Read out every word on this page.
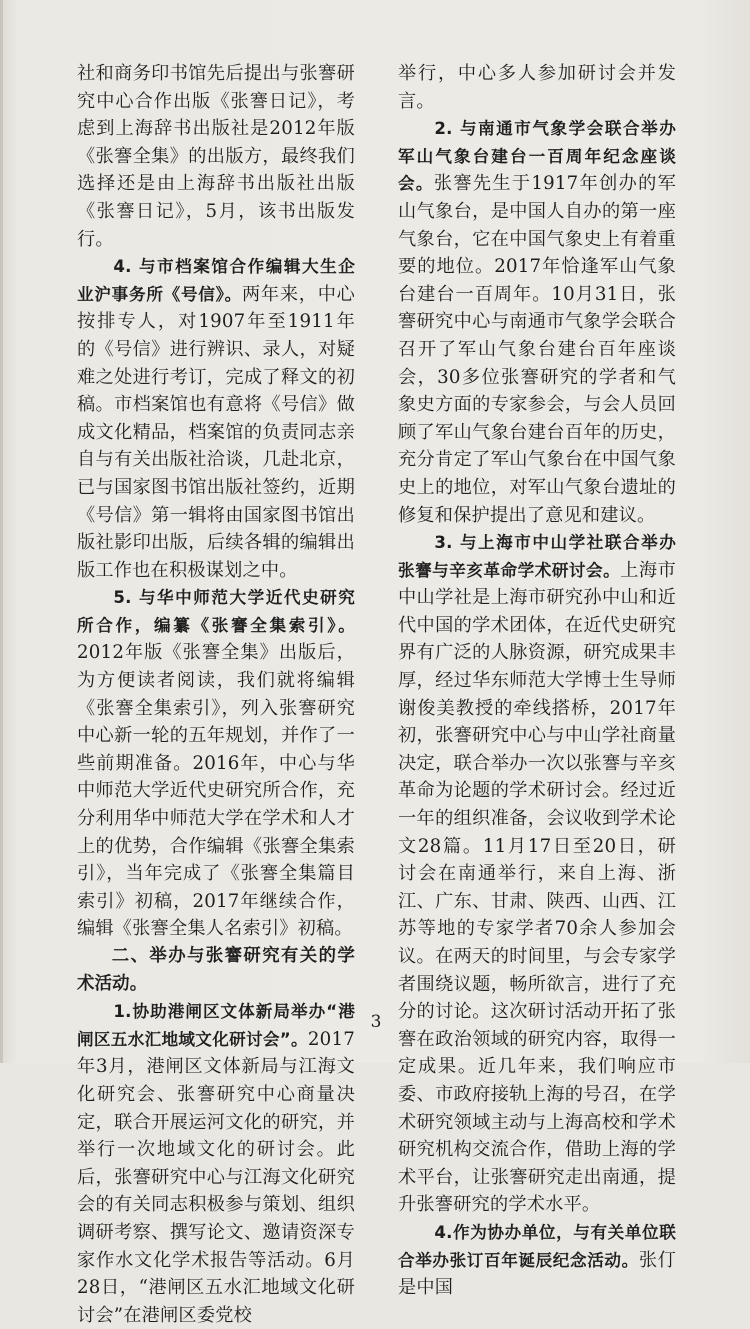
社和商务印书馆先后提出与张謇研究中心合作出版《张謇日记》，考虑到上海辞书出版社是2012年版《张謇全集》的出版方，最终我们选择还是由上海辞书出版社出版《张謇日记》，5月，该书出版发行。

4. 与市档案馆合作编辑大生企业沪事务所《号信》。两年来，中心按排专人，对1907年至1911年的《号信》进行辨识、录人，对疑难之处进行考订，完成了释文的初稿。市档案馆也有意将《号信》做成文化精品，档案馆的负责同志亲自与有关出版社洽谈，几赴北京，已与国家图书馆出版社签约，近期《号信》第一辑将由国家图书馆出版社影印出版，后续各辑的编辑出版工作也在积极谋划之中。

5. 与华中师范大学近代史研究所合作，编纂《张謇全集索引》。2012年版《张謇全集》出版后，为方便读者阅读，我们就将编辑《张謇全集索引》，列入张謇研究中心新一轮的五年规划，并作了一些前期准备。2016年，中心与华中师范大学近代史研究所合作，充分利用华中师范大学在学术和人才上的优势，合作编辑《张謇全集索引》，当年完成了《张謇全集篇目索引》初稿，2017年继续合作，编辑《张謇全集人名索引》初稿。

二、举办与张謇研究有关的学术活动。

1.协助港闸区文体新局举办“港闸区五水汇地域文化研讨会”。2017年3月，港闸区文体新局与江海文化研究会、张謇研究中心商量决定，联合开展运河文化的研究，并举行一次地域文化的研讨会。此后，张謇研究中心与江海文化研究会的有关同志积极参与策划、组织调研考察、撰写论文、邀请资深专家作水文化学术报告等活动。6月28日，“港闸区五水汇地域文化研讨会”在港闸区委党校

举行，中心多人参加研讨会并发言。

2. 与南通市气象学会联合举办军山气象台建台一百周年纪念座谈会。张謇先生于1917年创办的军山气象台，是中国人自办的第一座气象台，它在中国气象史上有着重要的地位。2017年恰逢军山气象台建台一百周年。10月31日，张謇研究中心与南通市气象学会联合召开了军山气象台建台百年座谈会，30多位张謇研究的学者和气象史方面的专家参会，与会人员回顾了军山气象台建台百年的历史，充分肯定了军山气象台在中国气象史上的地位，对军山气象台遗址的修复和保护提出了意见和建议。

3. 与上海市中山学社联合举办张謇与辛亥革命学术研讨会。上海市中山学社是上海市研究孙中山和近代中国的学术团体，在近代史研究界有广泛的人脉资源，研究成果丰厚，经过华东师范大学博士生导师谢俊美教授的牵线搭桥，2017年初，张謇研究中心与中山学社商量决定，联合举办一次以张謇与辛亥革命为论题的学术研讨会。经过近一年的组织准备，会议收到学术论文28篇。11月17日至20日，研讨会在南通举行，来自上海、浙江、广东、甘肃、陕西、山西、江苏等地的专家学者70余人参加会议。在两天的时间里，与会专家学者围绕议题，畅所欲言，进行了充分的讨论。这次研讨活动开拓了张謇在政治领域的研究内容，取得一定成果。近几年来，我们响应市委、市政府接轨上海的号召，在学术研究领域主动与上海高校和学术研究机构交流合作，借助上海的学术平台，让张謇研究走出南通，提升张謇研究的学术水平。

4.作为协办单位，与有关单位联合举办张订百年诞辰纪念活动。张仃是中国

3
